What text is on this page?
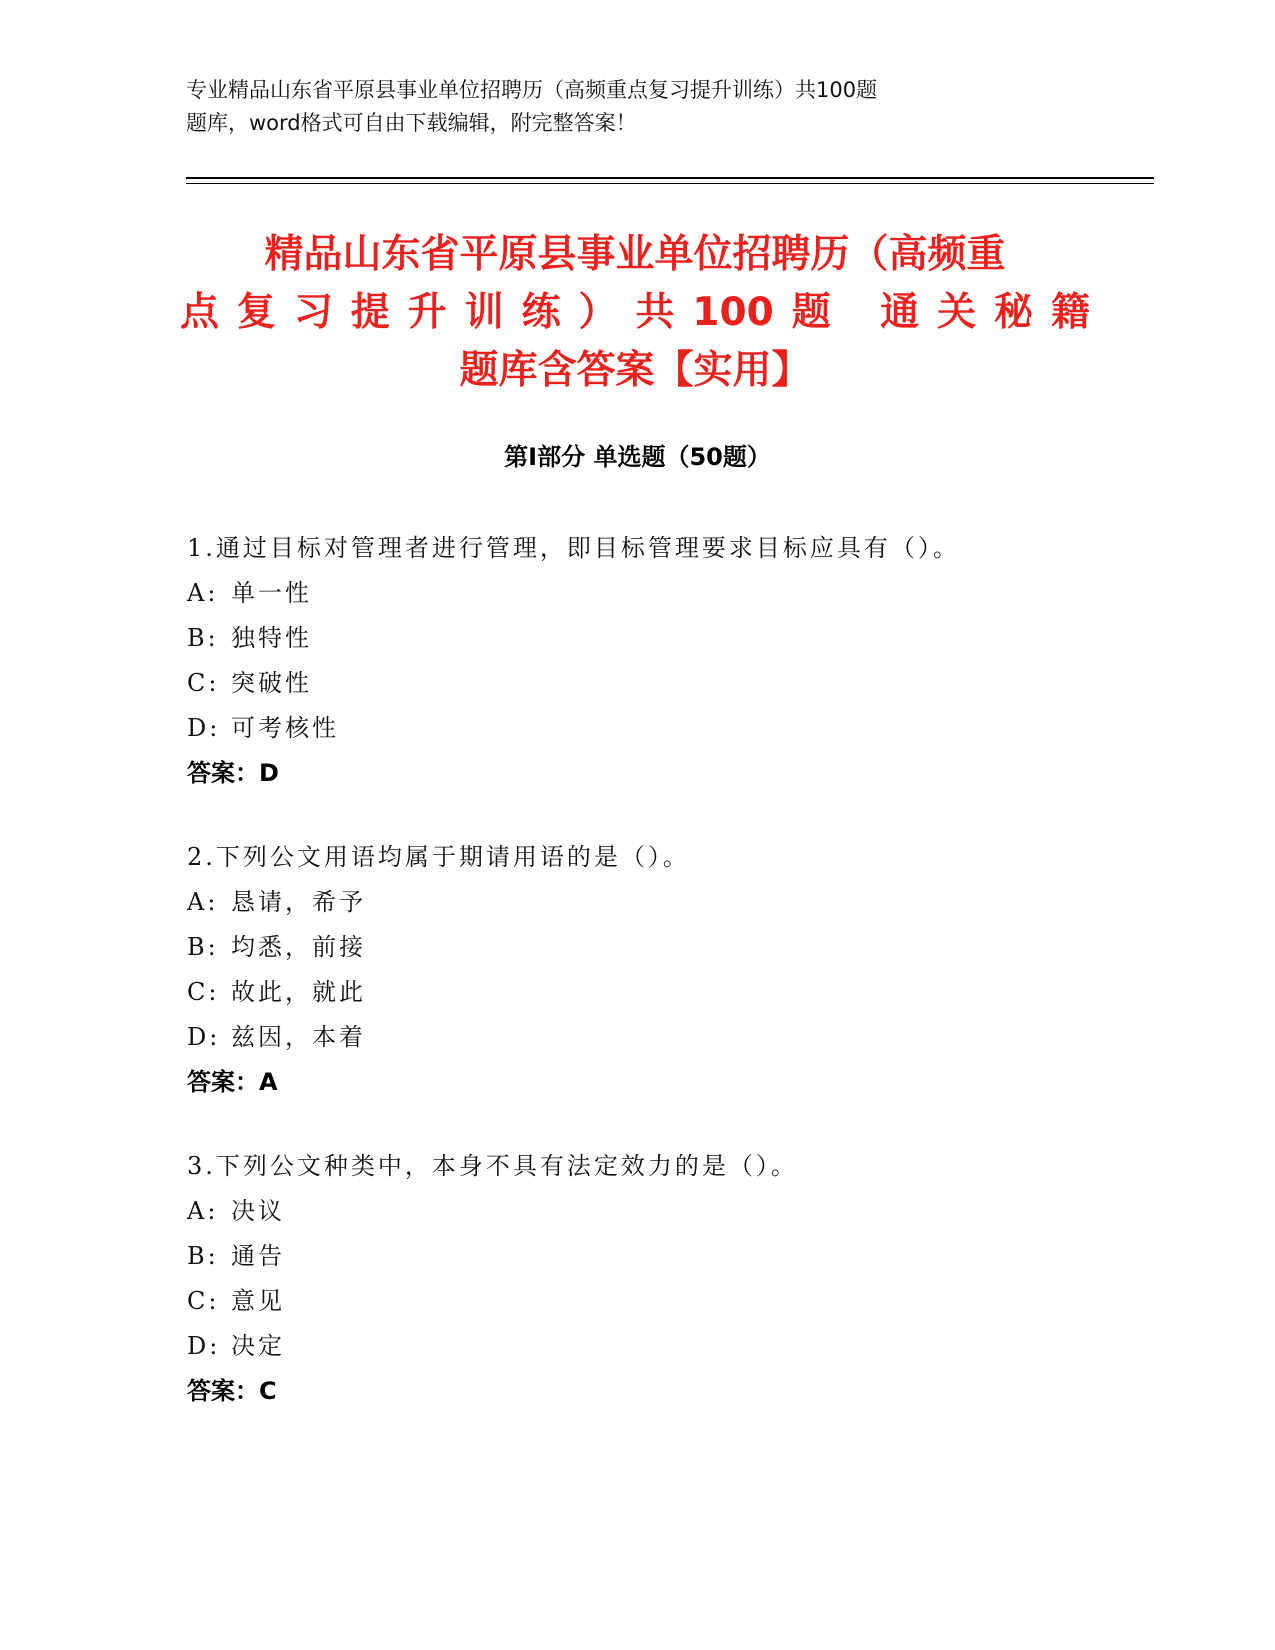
专业精品山东省平原县事业单位招聘历（高频重点复习提升训练）共100题
题库，word格式可自由下载编辑，附完整答案！
精品山东省平原县事业单位招聘历（高频重
点复习提升训练）共100题 通关秘籍
题库含答案【实用】
第Ⅰ部分 单选题（50题）
1.通过目标对管理者进行管理，即目标管理要求目标应具有（）。
A: 单一性
B: 独特性
C: 突破性
D: 可考核性
答案：D
2.下列公文用语均属于期请用语的是（）。
A: 恳请，希予
B: 均悉，前接
C: 故此，就此
D: 兹因，本着
答案：A
3.下列公文种类中，本身不具有法定效力的是（）。
A: 决议
B: 通告
C: 意见
D: 决定
答案：C
